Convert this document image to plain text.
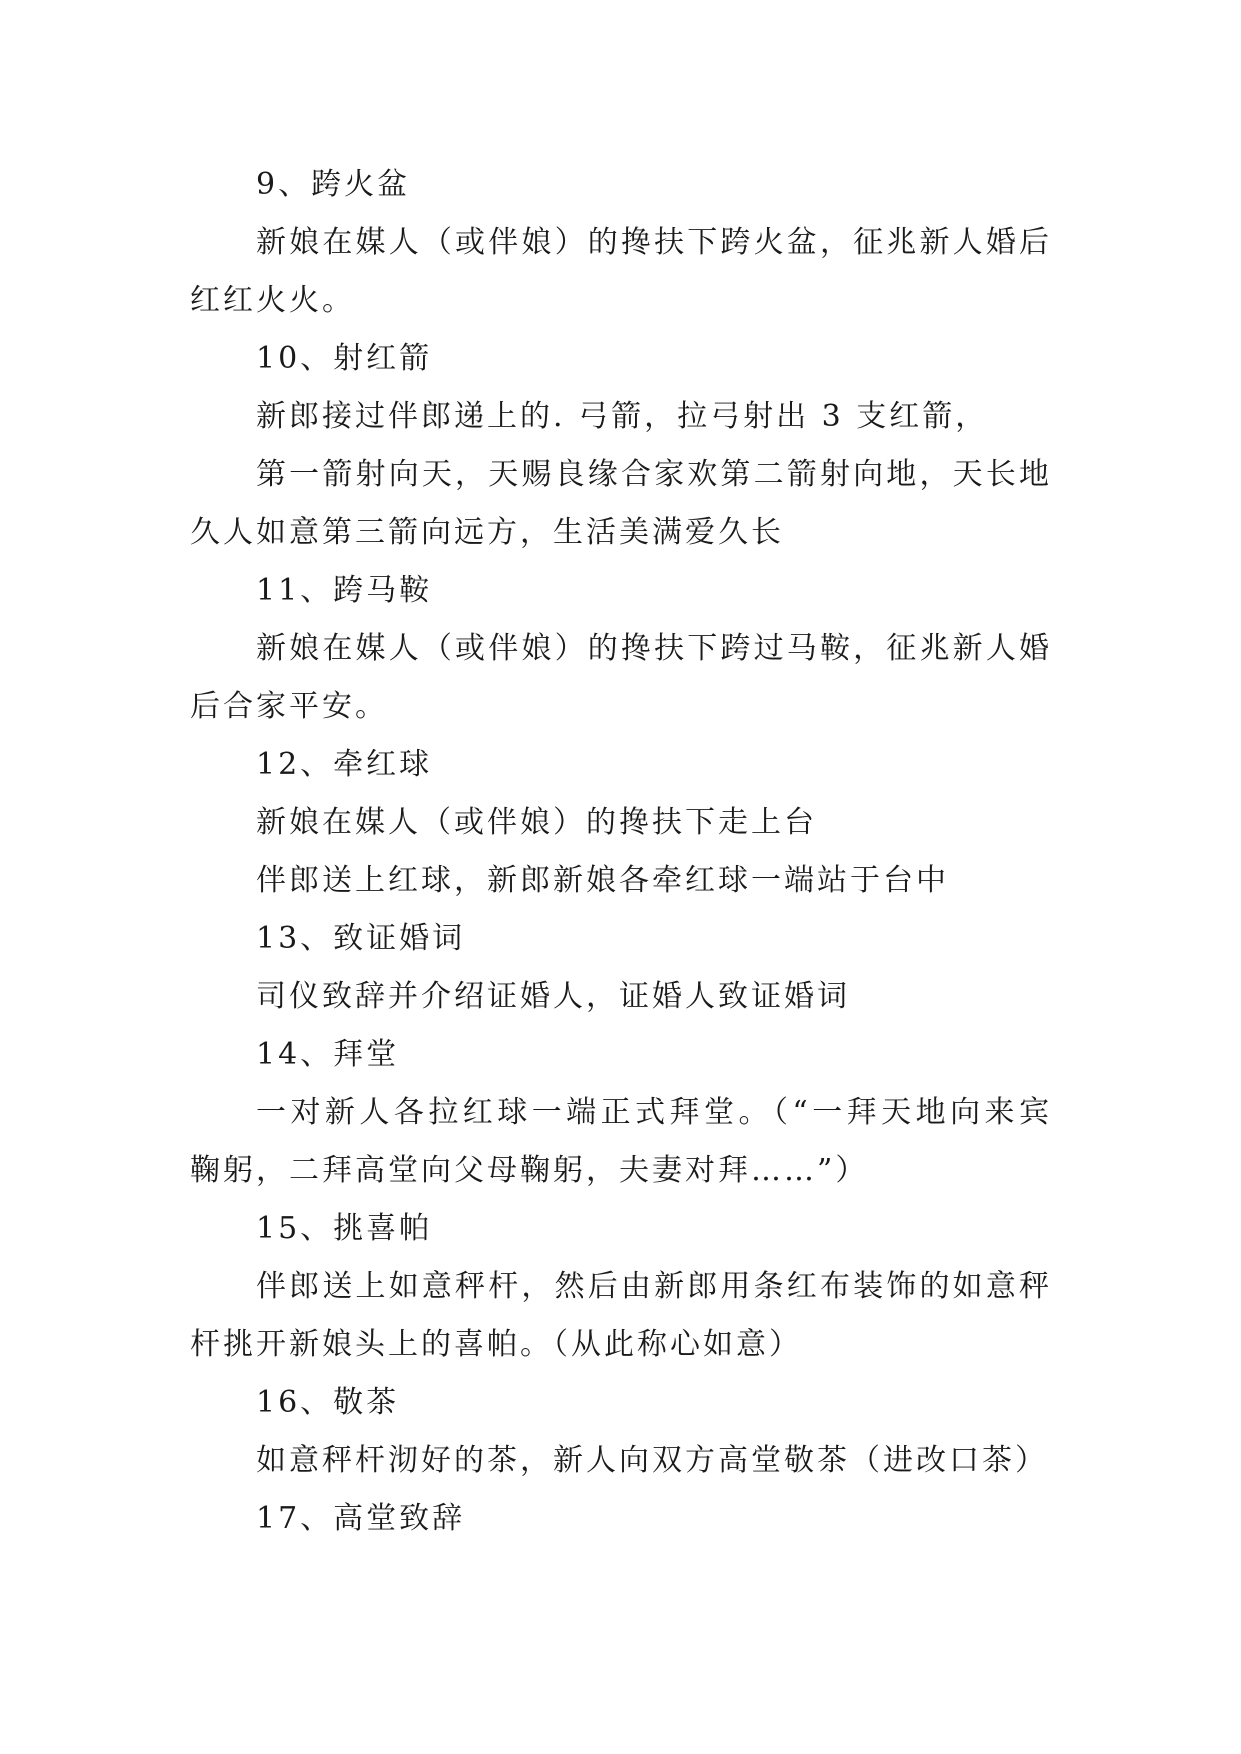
9、跨火盆
新娘在媒人（或伴娘）的搀扶下跨火盆，征兆新人婚后
红红火火。
10、射红箭
新郎接过伴郎递上的. 弓箭，拉弓射出 3 支红箭，
第一箭射向天，天赐良缘合家欢第二箭射向地，天长地
久人如意第三箭向远方，生活美满爱久长
11、跨马鞍
新娘在媒人（或伴娘）的搀扶下跨过马鞍，征兆新人婚
后合家平安。
12、牵红球
新娘在媒人（或伴娘）的搀扶下走上台
伴郎送上红球，新郎新娘各牵红球一端站于台中
13、致证婚词
司仪致辞并介绍证婚人，证婚人致证婚词
14、拜堂
一对新人各拉红球一端正式拜堂。（“一拜天地向来宾
鞠躬，二拜高堂向父母鞠躬，夫妻对拜……”）
15、挑喜帕
伴郎送上如意秤杆，然后由新郎用条红布装饰的如意秤
杆挑开新娘头上的喜帕。（从此称心如意）
16、敬茶
如意秤杆沏好的茶，新人向双方高堂敬茶（进改口茶）
17、高堂致辞
